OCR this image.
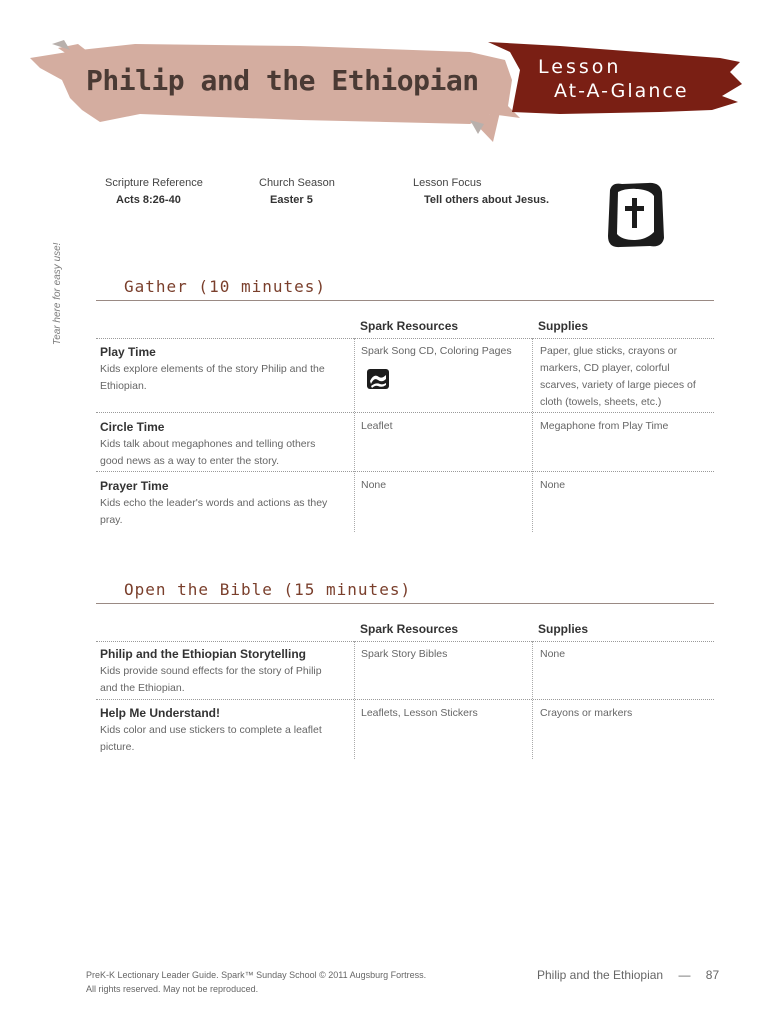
Philip and the Ethiopian	Lesson
At-A-Glance
Tear here for easy use!
Scripture Reference
Acts 8:26-40
Church Season
Easter 5
Lesson Focus
Tell others about Jesus.
Gather (10 minutes)
Spark Resources	Supplies
Play Time
Kids explore elements of the story Philip and the Ethiopian.
Spark Song CD, Coloring Pages	Paper, glue sticks, crayons or markers, CD player, colorful scarves, variety of large pieces of cloth (towels, sheets, etc.)
Circle Time
Kids talk about megaphones and telling others good news as a way to enter the story.
Leaflet	Megaphone from Play Time
Prayer Time
Kids echo the leader's words and actions as they pray.
None	None
Open the Bible (15 minutes)
Spark Resources	Supplies
Philip and the Ethiopian Storytelling
Kids provide sound effects for the story of Philip and the Ethiopian.
Spark Story Bibles	None
Help Me Understand!
Kids color and use stickers to complete a leaflet picture.
Leaflets, Lesson Stickers	Crayons or markers
PreK-K Lectionary Leader Guide. Spark™ Sunday School © 2011 Augsburg Fortress.
All rights reserved. May not be reproduced.
Philip and the Ethiopian — 87
